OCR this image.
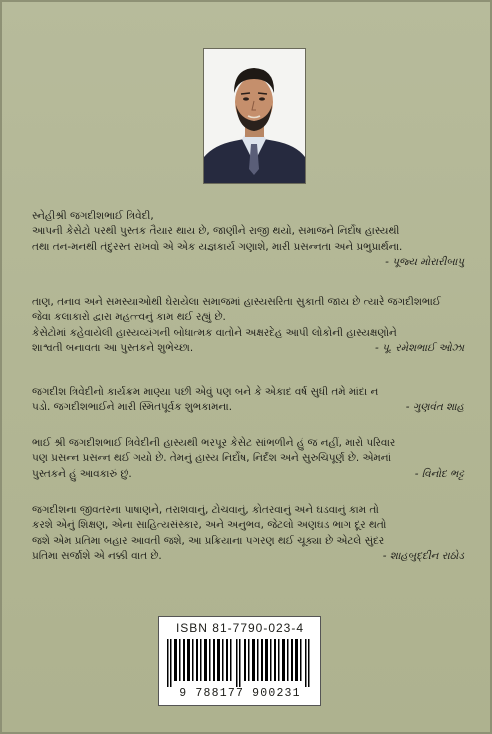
સ્નેહીશ્રી જગદીશભાઈ ત્રિવેદી,
આપની કેસેટો પરથી પુસ્તક તૈયાર થાય છે, જાણીને રાજી થયો, સમાજને નિર્દોષ હાસ્યથી
તથા તન-મનથી તંદુરસ્ત રાખવો એ એક યજ્ઞકાર્ય ગણાશે, મારી પ્રસન્નતા અને પ્રભુપ્રાર્થના.
- પૂજ્ય મોરારીબાપુ
તાણ, તનાવ અને સમસ્યાઓથી ઘેરાયેલા સમાજમાં હાસ્યસરિતા સુકાતી જાય છે ત્યારે જગદીશભાઈ
જેવા કલાકારો દ્વારા મહત્ત્વનું કામ થઈ રહ્યું છે.
કેસેટોમાં કહેવાયેલી હાસ્યવ્યંગની બોધાત્મક વાતોને અક્ષરદેહ આપી લોકોની હાસ્યક્ષણોને
શાશ્વતી બનાવતા આ પુસ્તકને શુભેચ્છા.	- પૂ. રમેશભાઈ ઓઝા
જગદીશ ત્રિવેદીનો કાર્યક્રમ માણ્યા પછી એવું પણ બને કે એકાદ વર્ષ સુધી તમે માંદા ન
પડો. જગદીશભાઈને મારી સ્મિતપૂર્વક શુભકામના.	- ગુણવંત શાહ
ભાઈ શ્રી જગદીશભાઈ ત્રિવેદીની હાસ્યથી ભરપૂર કેસેટ સાંભળીને હું જ નહીં, મારો પરિવાર
પણ પ્રસન્ન પ્રસન્ન થઈ ગયો છે. તેમનું હાસ્ય નિર્દોષ, નિર્દંશ અને સુરુચિપૂર્ણ છે. એમનાં
પુસ્તકને હું આવકારું છું.	- વિનોદ ભટ્ટ
જગદીશના જીવતરના પાષાણને, તરાશવાનું, ટોચવાનું, કોતરવાનું અને ઘડવાનું કામ તો
કરશે એનું શિક્ષણ, એના સાહિત્યસંસ્કાર, અને અનુભવ, જેટલો અણઘડ ભાગ દૂર થતો
જશે એમ પ્રતિમા બહાર આવતી જશે, આ પ્રક્રિયાના પગરણ થઈ ચૂક્યા છે એટલે સુંદર
પ્રતિમા સર્જાશે એ નક્કી વાત છે.	- શાહબુદ્દીન રાઠોડ
ISBN 81-7790-023-4
9 788177 900231
